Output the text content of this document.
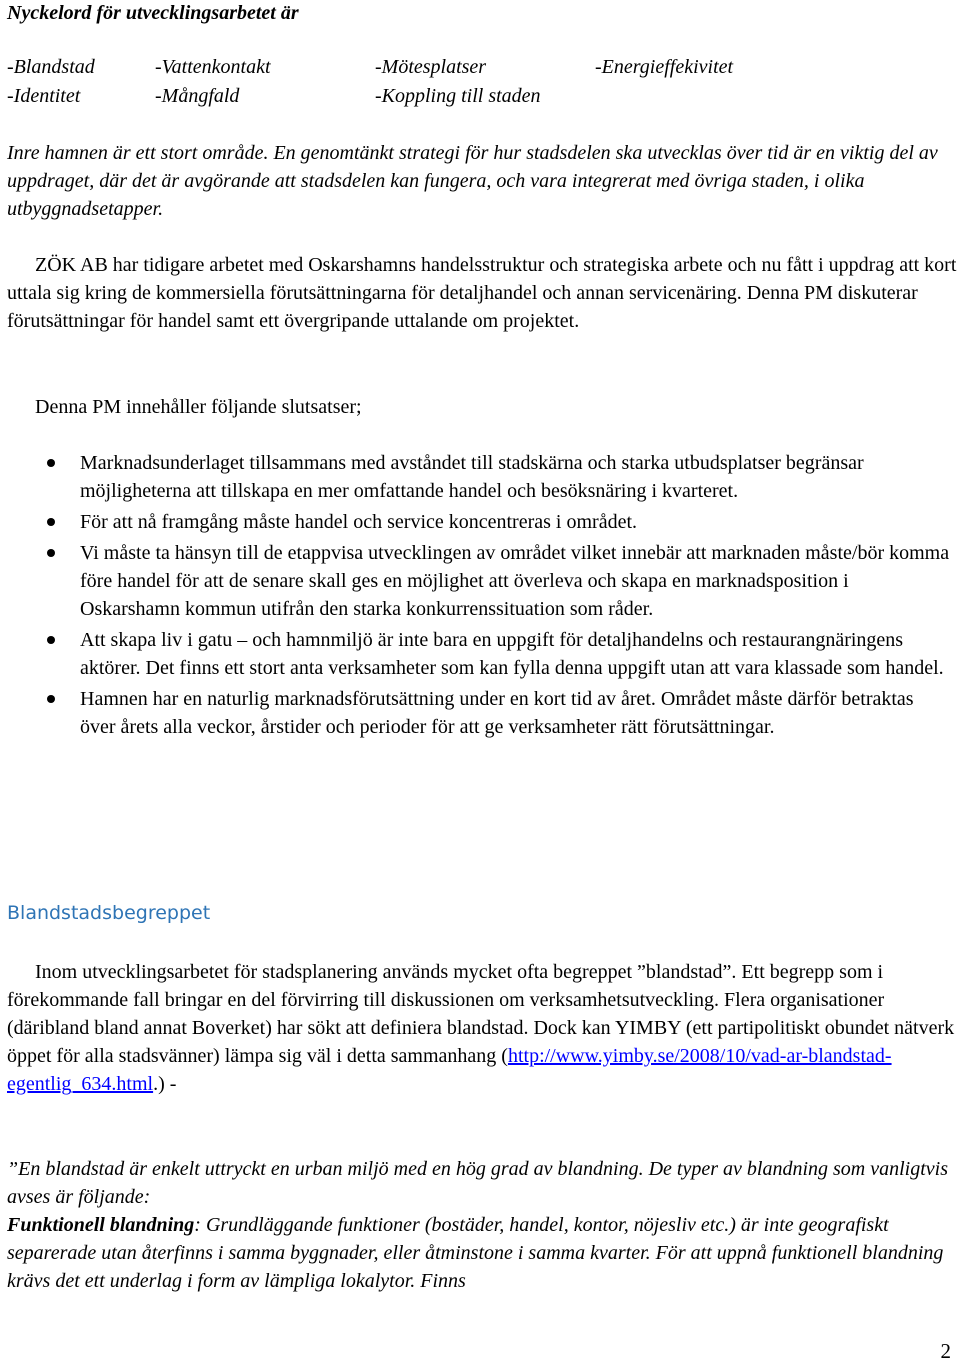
Nyckelord för utvecklingsarbetet är

-Blandstad	-Vattenkontakt	-Mötesplatser	-Energieffekivitet
-Identitet	-Mångfald	-Koppling till staden
Inre hamnen är ett stort område. En genomtänkt strategi för hur stadsdelen ska utvecklas över tid är en viktig del av uppdraget, där det är avgörande att stadsdelen kan fungera, och vara integrerat med övriga staden, i olika utbyggnadsetapper.
ZÖK AB har tidigare arbetet med Oskarshamns handelsstruktur och strategiska arbete och nu fått i uppdrag att kort uttala sig kring de kommersiella förutsättningarna för detaljhandel och annan servicenäring. Denna PM diskuterar förutsättningar för handel samt ett övergripande uttalande om projektet.
Denna PM innehåller följande slutsatser;
Marknadsunderlaget tillsammans med avståndet till stadskärna och starka utbudsplatser begränsar möjligheterna att tillskapa en mer omfattande handel och besöksnäring i kvarteret.
För att nå framgång måste handel och service koncentreras i området.
Vi måste ta hänsyn till de etappvisa utvecklingen av området vilket innebär att marknaden måste/bör komma före handel för att de senare skall ges en möjlighet att överleva och skapa en marknadsposition i Oskarshamn kommun utifrån den starka konkurrenssituation som råder.
Att skapa liv i gatu – och hamnmiljö är inte bara en uppgift för detaljhandelns och restaurangnäringens aktörer. Det finns ett stort anta verksamheter som kan fylla denna uppgift utan att vara klassade som handel.
Hamnen har en naturlig marknadsförutsättning under en kort tid av året. Området måste därför betraktas över årets alla veckor, årstider och perioder för att ge verksamheter rätt förutsättningar.
Blandstadsbegreppet
Inom utvecklingsarbetet för stadsplanering används mycket ofta begreppet ”blandstad”. Ett begrepp som i förekommande fall bringar en del förvirring till diskussionen om verksamhetsutveckling. Flera organisationer (däribland bland annat Boverket) har sökt att definiera blandstad. Dock kan YIMBY (ett partipolitiskt obundet nätverk öppet för alla stadsvänner) lämpa sig väl i detta sammanhang (http://www.yimby.se/2008/10/vad-ar-blandstad-egentlig_634.html.) -
”En blandstad är enkelt uttryckt en urban miljö med en hög grad av blandning. De typer av blandning som vanligtvis avses är följande:
Funktionell blandning: Grundläggande funktioner (bostäder, handel, kontor, nöjesliv etc.) är inte geografiskt separerade utan återfinns i samma byggnader, eller åtminstone i samma kvarter. För att uppnå funktionell blandning krävs det ett underlag i form av lämpliga lokalytor. Finns
2
